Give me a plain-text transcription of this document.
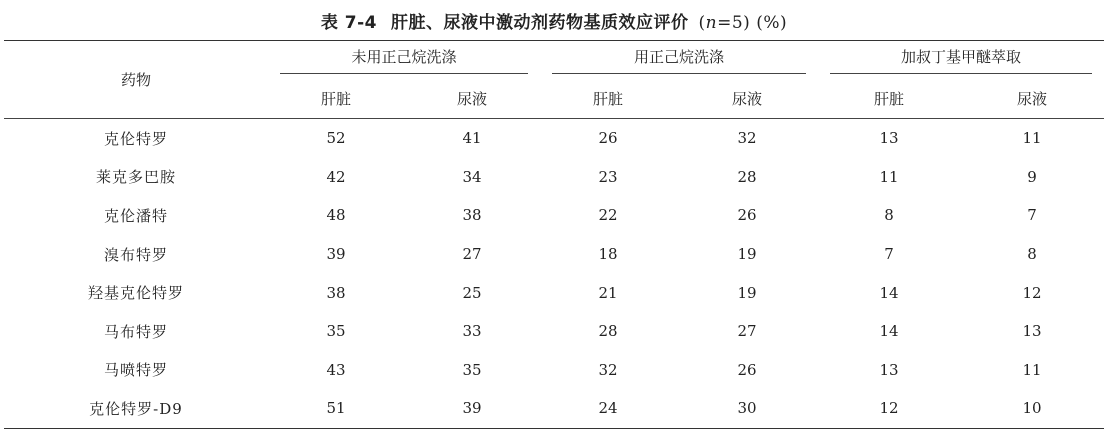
表 7-4 肝脏、尿液中激动剂药物基质效应评价 (n=5) (%)
药物	未用正己烷洗涤		用正己烷洗涤		加叔丁基甲醚萃取	

	肝脏	尿液	肝脏	尿液	肝脏	尿液
克伦特罗	52	41	26	32	13	11
莱克多巴胺	42	34	23	28	11	9
克伦潘特	48	38	22	26	8	7
溴布特罗	39	27	18	19	7	8
羟基克伦特罗	38	25	21	19	14	12
马布特罗	35	33	28	27	14	13
马喷特罗	43	35	32	26	13	11
克伦特罗-D9	51	39	24	30	12	10
